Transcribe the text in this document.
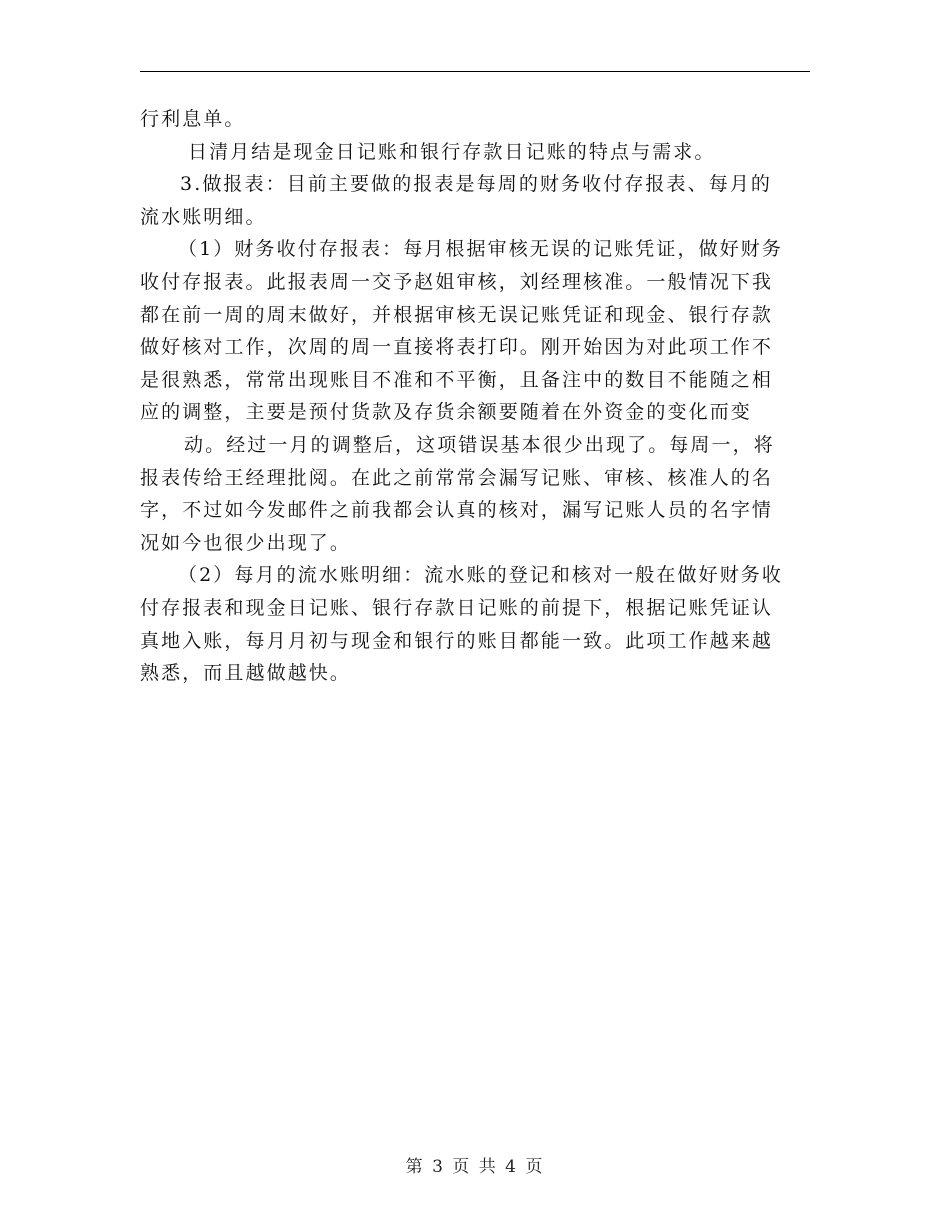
行利息单。
日清月结是现金日记账和银行存款日记账的特点与需求。
3.做报表：目前主要做的报表是每周的财务收付存报表、每月的
流水账明细。
（1）财务收付存报表：每月根据审核无误的记账凭证，做好财务
收付存报表。此报表周一交予赵姐审核，刘经理核准。一般情况下我
都在前一周的周末做好，并根据审核无误记账凭证和现金、银行存款
做好核对工作，次周的周一直接将表打印。刚开始因为对此项工作不
是很熟悉，常常出现账目不准和不平衡，且备注中的数目不能随之相
应的调整，主要是预付货款及存货余额要随着在外资金的变化而变
动。经过一月的调整后，这项错误基本很少出现了。每周一，将
报表传给王经理批阅。在此之前常常会漏写记账、审核、核准人的名
字，不过如今发邮件之前我都会认真的核对，漏写记账人员的名字情
况如今也很少出现了。
（2）每月的流水账明细：流水账的登记和核对一般在做好财务收
付存报表和现金日记账、银行存款日记账的前提下，根据记账凭证认
真地入账，每月月初与现金和银行的账目都能一致。此项工作越来越
熟悉，而且越做越快。
第 3 页 共 4 页
